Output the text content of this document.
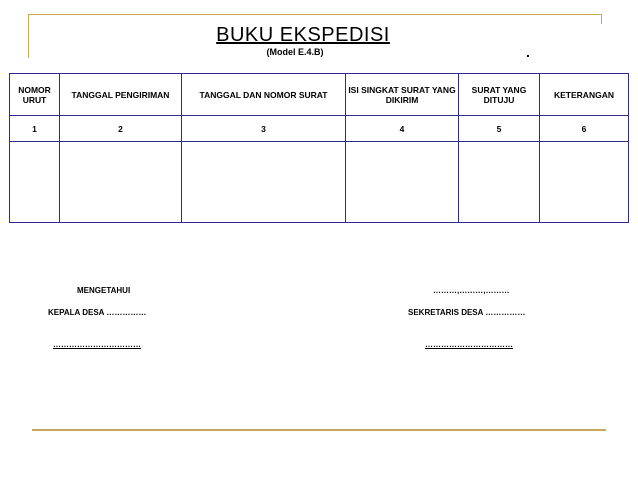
BUKU EKSPEDISI
(Model E.4.B)	.
NOMOR URUT	TANGGAL PENGIRIMAN	TANGGAL DAN NOMOR SURAT	ISI SINGKAT SURAT YANG DIKIRIM	SURAT YANG DITUJU	KETERANGAN
1	2	3	4	5	6

MENGETAHUI
KEPALA DESA ……………
……………………………
………,………,………
SEKRETARIS DESA ……………
……………………………
